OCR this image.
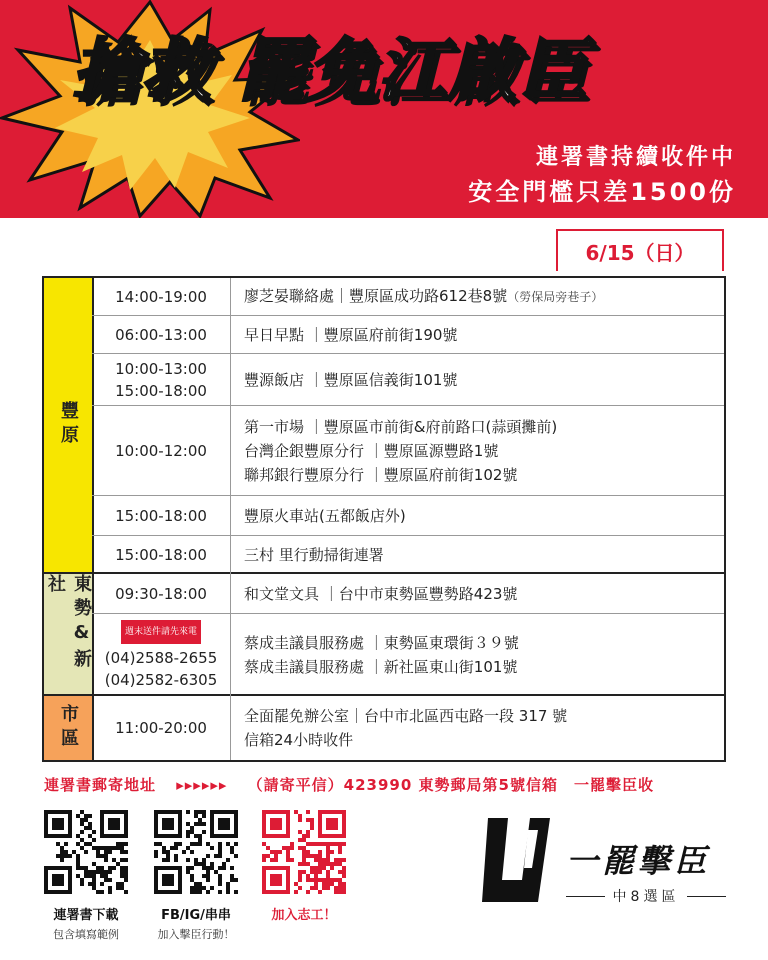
搶救 罷免江啟臣
連署書持續收件中
安全門檻只差1500份
6/15（日）
豐原
14:00-19:00 廖芝晏聯絡處｜豐原區成功路612巷8號（勞保局旁巷子）
06:00-13:00 早日早點 ｜豐原區府前街190號
10:00-13:00
15:00-18:00
豐源飯店 ｜豐原區信義街101號
10:00-12:00
第一市場 ｜豐原區市前街&府前路口(蒜頭攤前)
台灣企銀豐原分行 ｜豐原區源豐路1號
聯邦銀行豐原分行 ｜豐原區府前街102號
15:00-18:00 豐原火車站(五都飯店外)
15:00-18:00 三村 里行動掃街連署
東勢&新社	09:30-18:00 和文堂文具 ｜台中市東勢區豐勢路423號
週末送件請先來電
(04)2588-2655
(04)2582-6305
蔡成圭議員服務處 ｜東勢區東環街３９號
蔡成圭議員服務處 ｜新社區東山街101號
市區	11:00-20:00
全面罷免辦公室｜台中市北區西屯路一段 317 號
信箱24小時收件
連署書郵寄地址 ▸▸▸▸▸▸ （請寄平信）423990 東勢郵局第5號信箱　一罷擊臣收
連署書下載
包含填寫範例
FB/IG/串串
加入擊臣行動！
加入志工！
一罷擊臣
中8選區
